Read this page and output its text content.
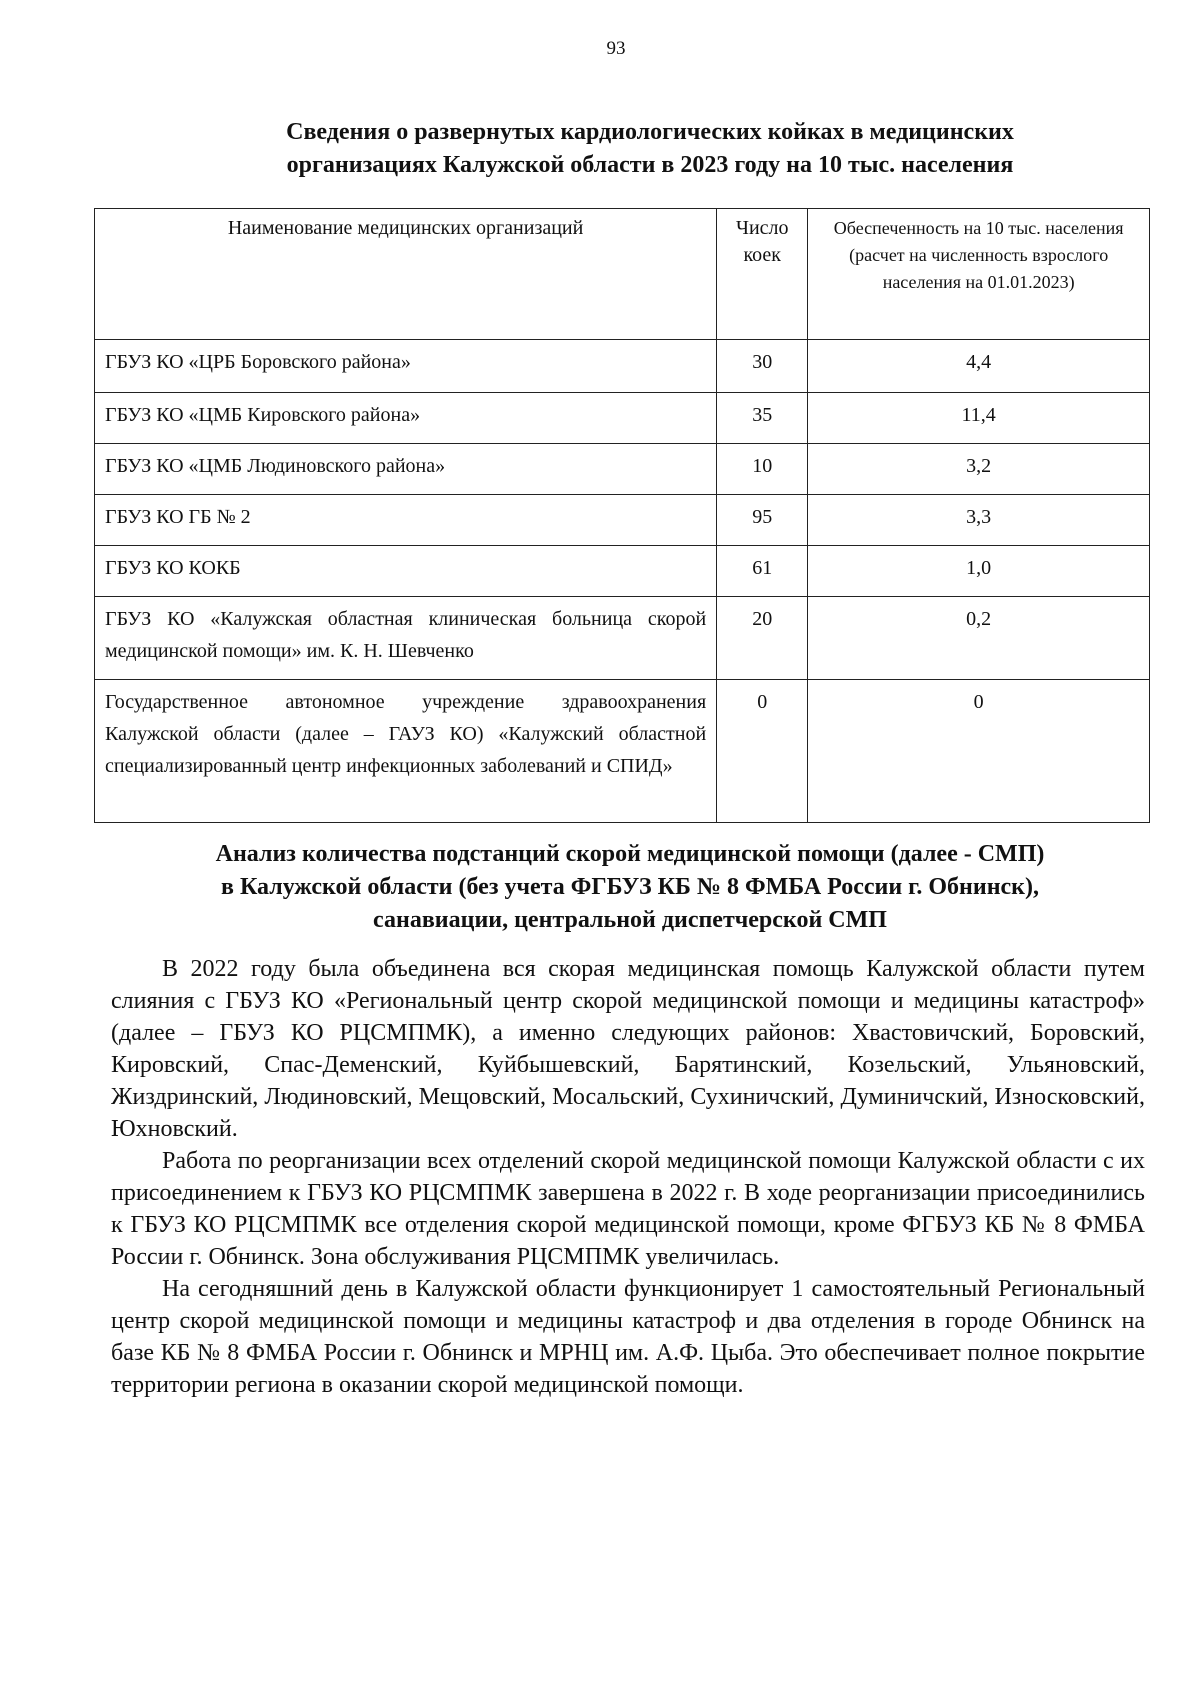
93
Сведения о развернутых кардиологических койках в медицинских
организациях Калужской области в 2023 году на 10 тыс. населения
Наименование медицинских организаций	Число коек	Обеспеченность на 10 тыс. населения (расчет на численность взрослого населения на 01.01.2023)
ГБУЗ КО «ЦРБ Боровского района»	30	4,4
ГБУЗ КО «ЦМБ Кировского района»	35	11,4
ГБУЗ КО «ЦМБ Людиновского района»	10	3,2
ГБУЗ КО ГБ № 2	95	3,3
ГБУЗ КО КОКБ	61	1,0
ГБУЗ КО «Калужская областная клиническая больница скорой медицинской помощи» им. К. Н. Шевченко	20	0,2
Государственное автономное учреждение здравоохранения Калужской области (далее – ГАУЗ КО) «Калужский областной специализированный центр инфекционных заболеваний и СПИД»	0	0
Анализ количества подстанций скорой медицинской помощи (далее - СМП)
в Калужской области (без учета ФГБУЗ КБ № 8 ФМБА России г. Обнинск),
санавиации, центральной диспетчерской СМП

В 2022 году была объединена вся скорая медицинская помощь Калужской области путем слияния с ГБУЗ КО «Региональный центр скорой медицинской помощи и медицины катастроф» (далее – ГБУЗ КО РЦСМПМК), а именно следующих районов: Хвастовичский, Боровский, Кировский, Спас-Деменский, Куйбышевский, Барятинский, Козельский, Ульяновский, Жиздринский, Людиновский, Мещовский, Мосальский, Сухиничский, Думиничский, Износковский, Юхновский.

Работа по реорганизации всех отделений скорой медицинской помощи Калужской области с их присоединением к ГБУЗ КО РЦСМПМК завершена в 2022 г. В ходе реорганизации присоединились к ГБУЗ КО РЦСМПМК все отделения скорой медицинской помощи, кроме ФГБУЗ КБ № 8 ФМБА России г. Обнинск. Зона обслуживания РЦСМПМК увеличилась.

На сегодняшний день в Калужской области функционирует 1 самостоятельный Региональный центр скорой медицинской помощи и медицины катастроф и два отделения в городе Обнинск на базе КБ № 8 ФМБА России г. Обнинск и МРНЦ им. А.Ф. Цыба. Это обеспечивает полное покрытие территории региона в оказании скорой медицинской помощи.
